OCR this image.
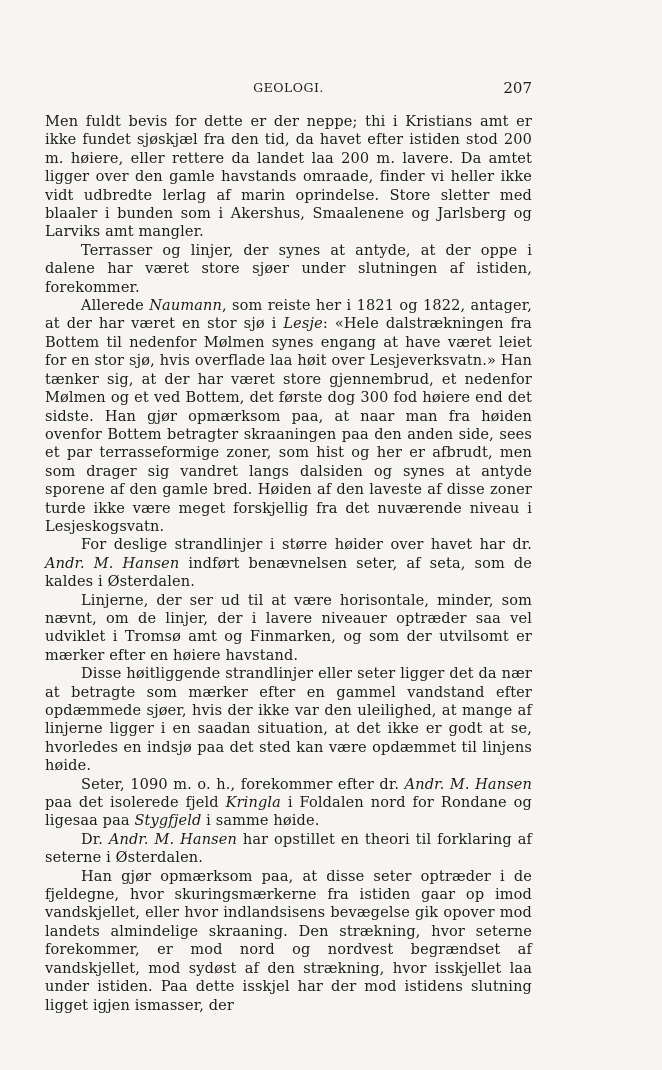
GEOLOGI.	207

Men fuldt bevis for dette er der neppe; thi i Kristians amt er ikke fundet sjøskjæl fra den tid, da havet efter istiden stod 200 m. høiere, eller rettere da landet laa 200 m. lavere. Da amtet ligger over den gamle havstands omraade, finder vi heller ikke vidt udbredte lerlag af marin oprindelse. Store sletter med blaaler i bunden som i Akershus, Smaalenene og Jarlsberg og Larviks amt mangler.

Terrasser og linjer, der synes at antyde, at der oppe i dalene har været store sjøer under slutningen af istiden, forekommer.

Allerede Naumann, som reiste her i 1821 og 1822, antager, at der har været en stor sjø i Lesje: «Hele dalstrækningen fra Bottem til nedenfor Mølmen synes engang at have været leiet for en stor sjø, hvis overflade laa høit over Lesjeverksvatn.» Han tænker sig, at der har været store gjennembrud, et nedenfor Mølmen og et ved Bottem, det første dog 300 fod høiere end det sidste. Han gjør opmærksom paa, at naar man fra høiden ovenfor Bottem betragter skraaningen paa den anden side, sees et par terrasseformige zoner, som hist og her er afbrudt, men som drager sig vandret langs dalsiden og synes at antyde sporene af den gamle bred. Høiden af den laveste af disse zoner turde ikke være meget forskjellig fra det nuværende niveau i Lesjeskogsvatn.

For deslige strandlinjer i større høider over havet har dr. Andr. M. Hansen indført benævnelsen seter, af seta, som de kaldes i Østerdalen.

Linjerne, der ser ud til at være horisontale, minder, som nævnt, om de linjer, der i lavere niveauer optræder saa vel udviklet i Tromsø amt og Finmarken, og som der utvilsomt er mærker efter en høiere havstand.

Disse høitliggende strandlinjer eller seter ligger det da nær at betragte som mærker efter en gammel vandstand efter opdæmmede sjøer, hvis der ikke var den uleilighed, at mange af linjerne ligger i en saadan situation, at det ikke er godt at se, hvorledes en indsjø paa det sted kan være opdæmmet til linjens høide.

Seter, 1090 m. o. h., forekommer efter dr. Andr. M. Hansen paa det isolerede fjeld Kringla i Foldalen nord for Rondane og ligesaa paa Stygfjeld i samme høide.

Dr. Andr. M. Hansen har opstillet en theori til forklaring af seterne i Østerdalen.

Han gjør opmærksom paa, at disse seter optræder i de fjeldegne, hvor skuringsmærkerne fra istiden gaar op imod vandskjellet, eller hvor indlandsisens bevægelse gik opover mod landets almindelige skraaning. Den strækning, hvor seterne forekommer, er mod nord og nordvest begrændset af vandskjellet, mod sydøst af den strækning, hvor isskjellet laa under istiden. Paa dette isskjel har der mod istidens slutning ligget igjen ismasser, der
